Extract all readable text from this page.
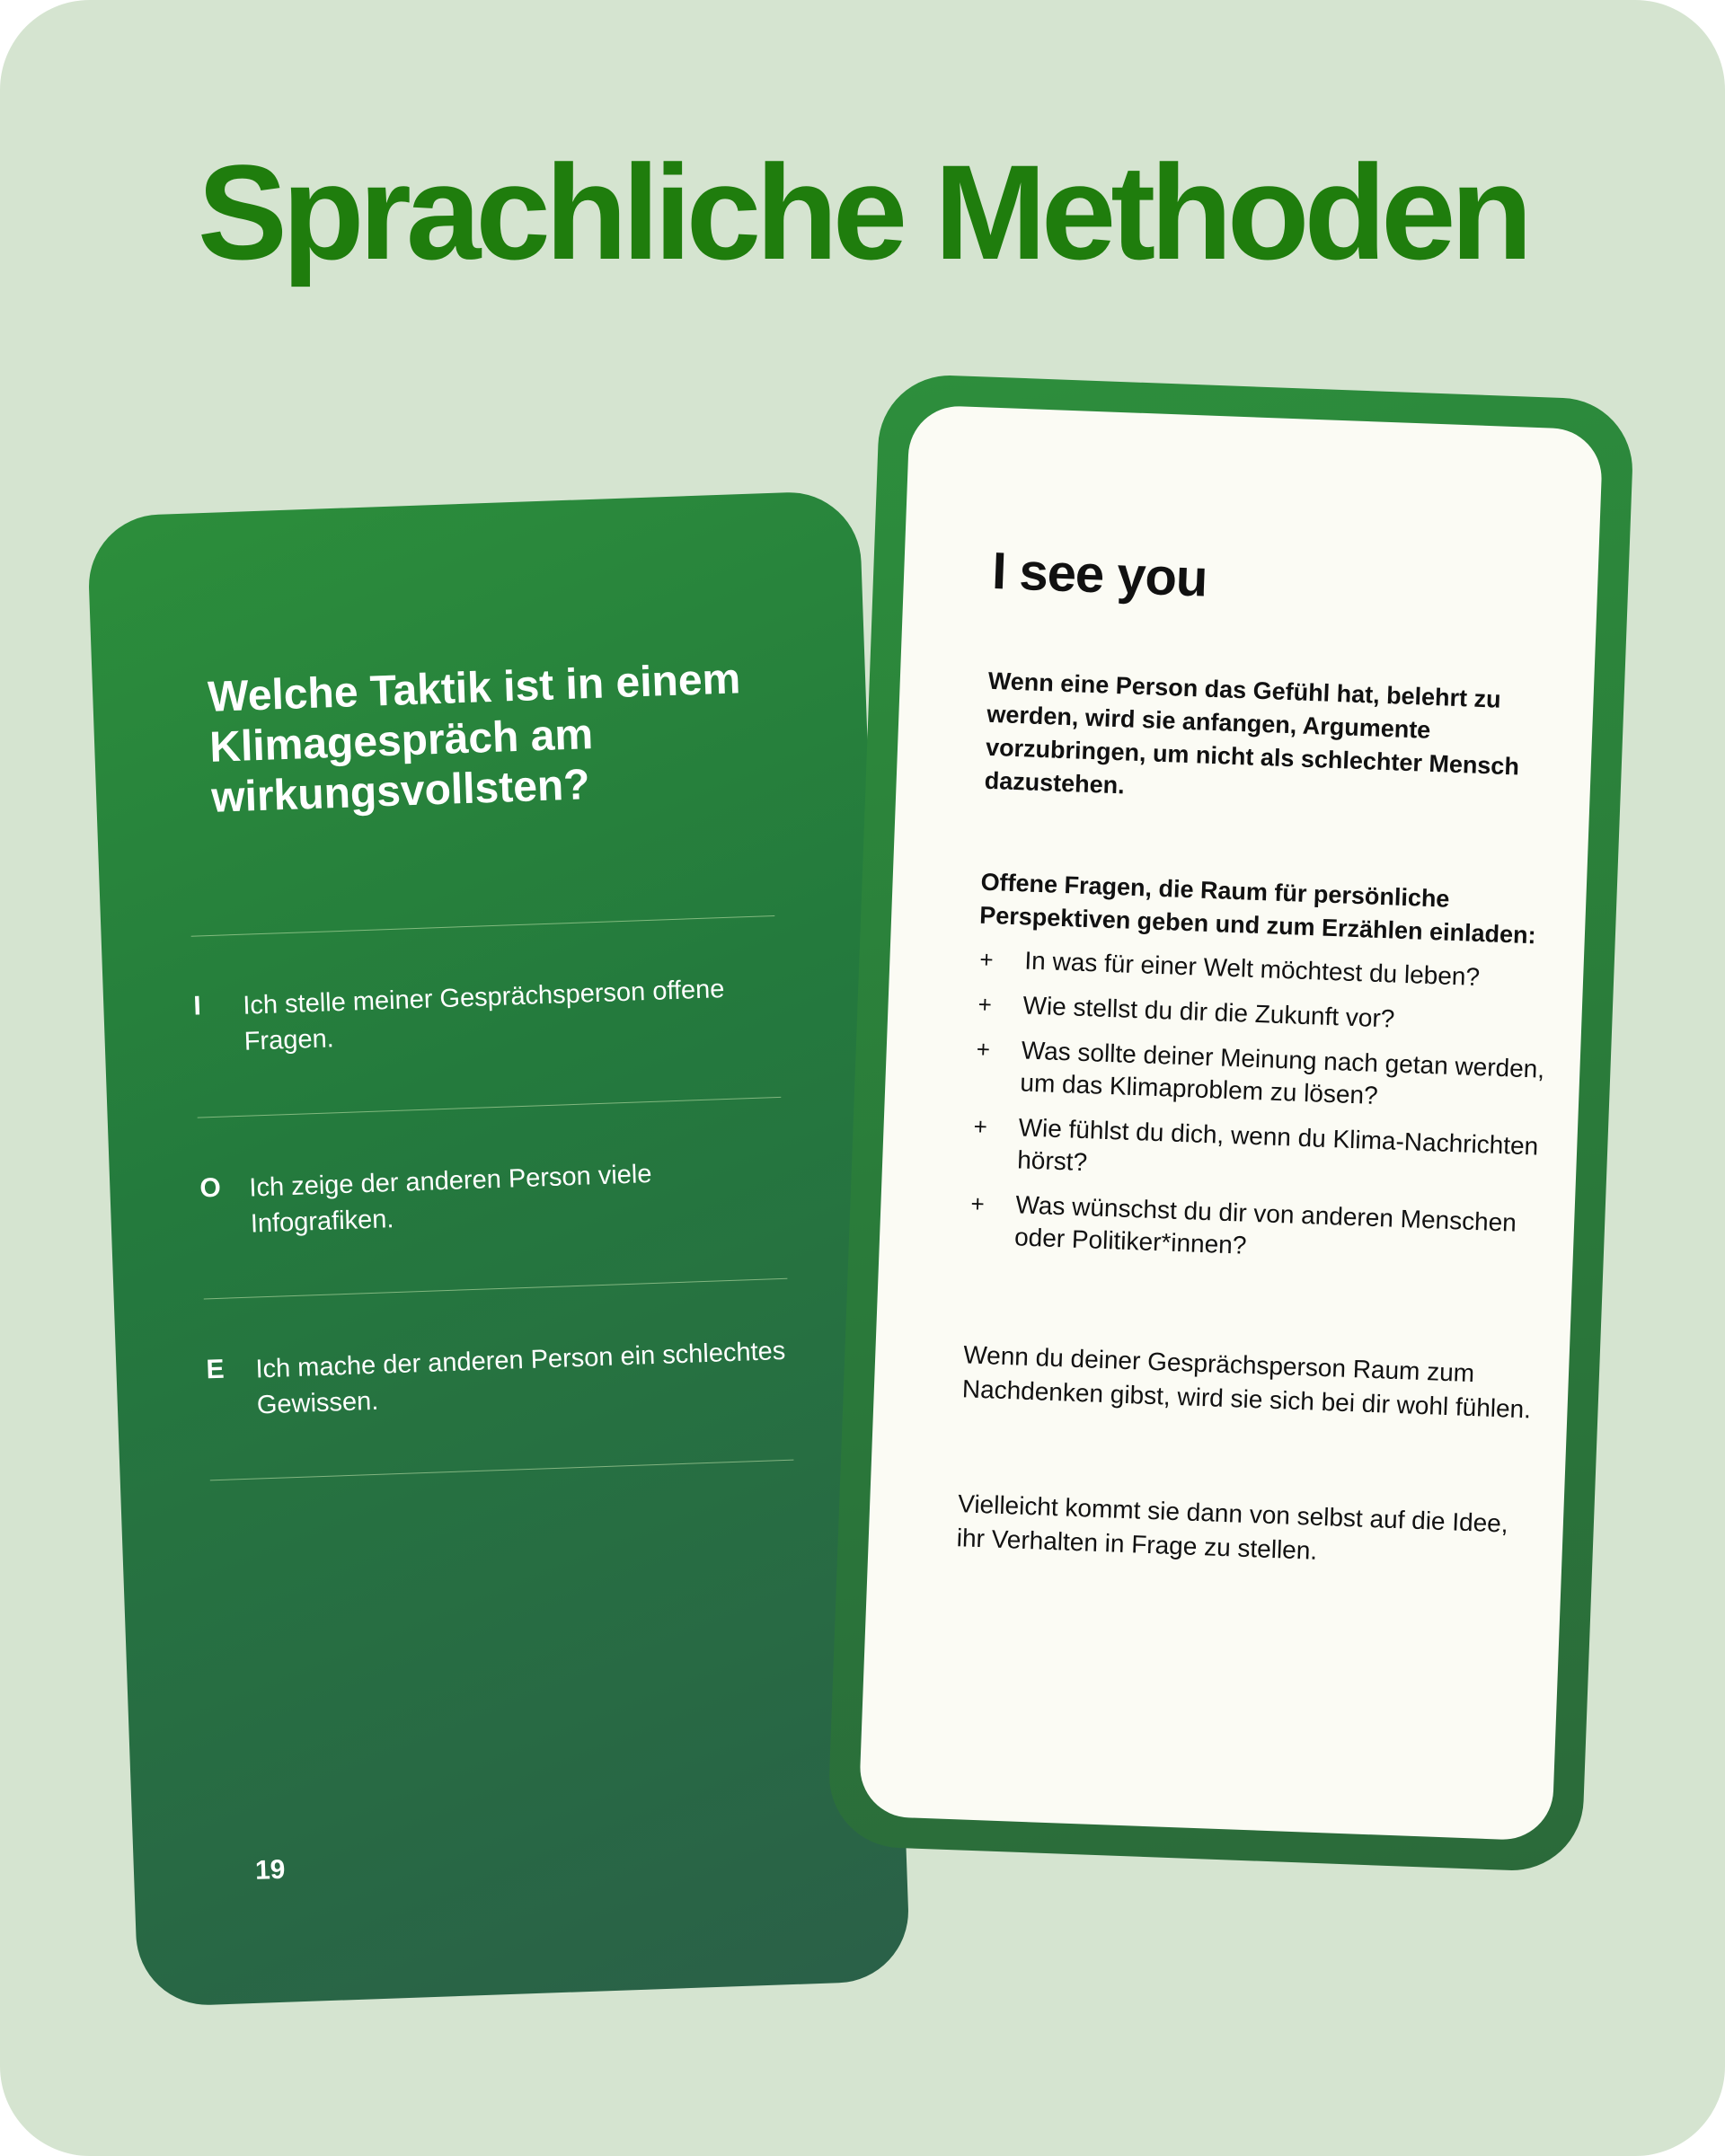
Sprachliche Methoden

Welche Taktik ist in einem Klimagespräch am wirkungsvollsten?

I	Ich stelle meiner Gesprächsperson offene Fragen.
O	Ich zeige der anderen Person viele Infografiken.
E	Ich mache der anderen Person ein schlechtes Gewissen.
19
I see you

Wenn eine Person das Gefühl hat, belehrt zu werden, wird sie anfangen, Argumente vorzubringen, um nicht als schlechter Mensch dazustehen.

Offene Fragen, die Raum für persönliche Perspektiven geben und zum Erzählen einladen:

+ In was für einer Welt möchtest du leben?
+ Wie stellst du dir die Zukunft vor?
+ Was sollte deiner Meinung nach getan werden, um das Klimaproblem zu lösen?
+ Wie fühlst du dich, wenn du Klima-Nachrichten hörst?
+ Was wünschst du dir von anderen Menschen oder Politiker*innen?

Wenn du deiner Gesprächsperson Raum zum Nachdenken gibst, wird sie sich bei dir wohl fühlen.

Vielleicht kommt sie dann von selbst auf die Idee, ihr Verhalten in Frage zu stellen.
